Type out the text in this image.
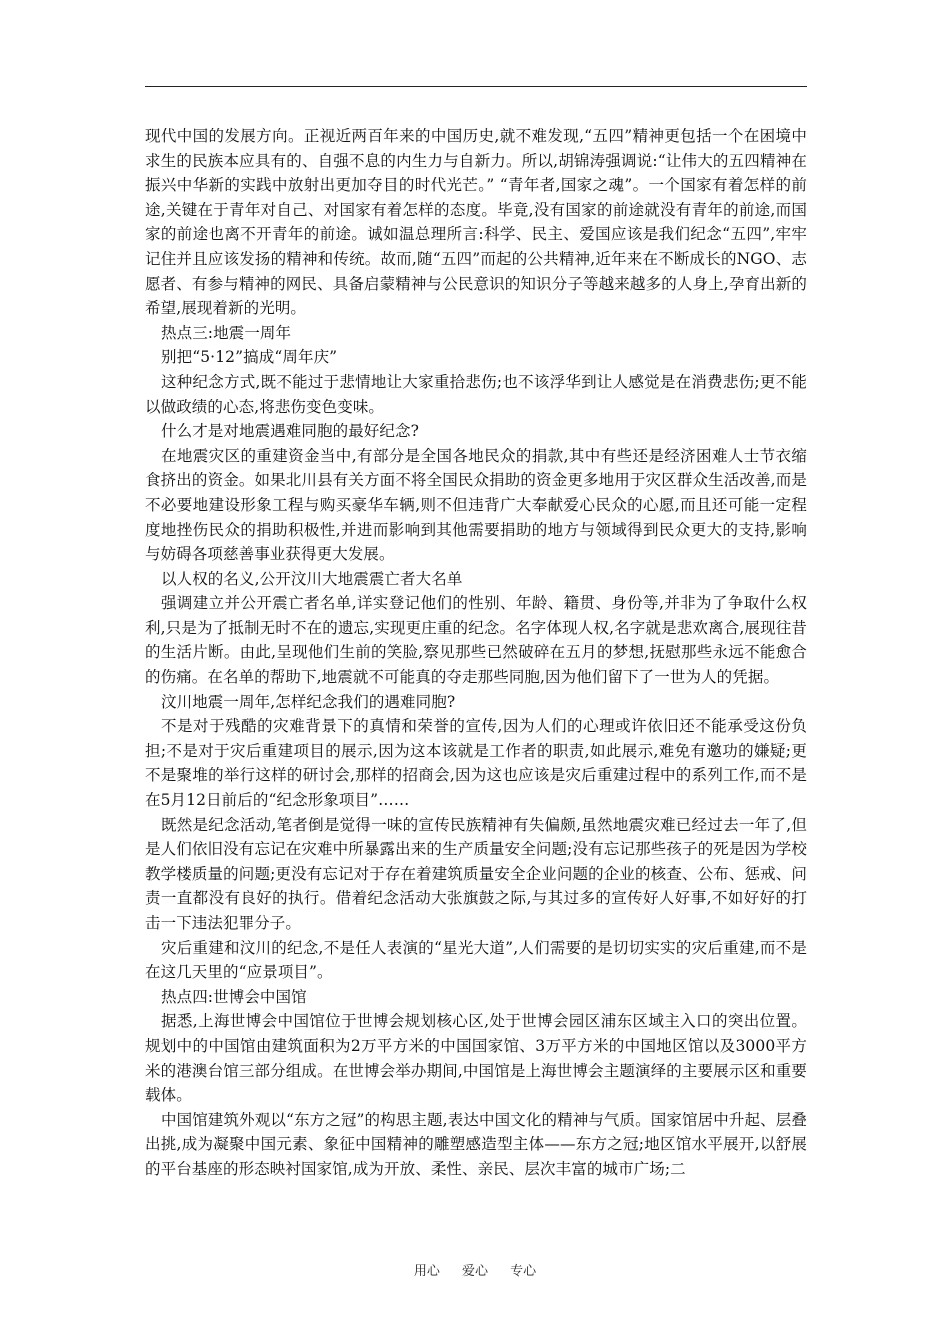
现代中国的发展方向。正视近两百年来的中国历史,就不难发现,“五四”精神更包括一个在困境中求生的民族本应具有的、自强不息的内生力与自新力。所以,胡锦涛强调说:“让伟大的五四精神在振兴中华新的实践中放射出更加夺目的时代光芒。” “青年者,国家之魂”。一个国家有着怎样的前途,关键在于青年对自己、对国家有着怎样的态度。毕竟,没有国家的前途就没有青年的前途,而国家的前途也离不开青年的前途。诚如温总理所言:科学、民主、爱国应该是我们纪念“五四”,牢牢记住并且应该发扬的精神和传统。故而,随“五四”而起的公共精神,近年来在不断成长的NGO、志愿者、有参与精神的网民、具备启蒙精神与公民意识的知识分子等越来越多的人身上,孕育出新的希望,展现着新的光明。

热点三:地震一周年

别把“5·12”搞成“周年庆”

这种纪念方式,既不能过于悲情地让大家重拾悲伤;也不该浮华到让人感觉是在消费悲伤;更不能以做政绩的心态,将悲伤变色变味。

什么才是对地震遇难同胞的最好纪念?

在地震灾区的重建资金当中,有部分是全国各地民众的捐款,其中有些还是经济困难人士节衣缩食挤出的资金。如果北川县有关方面不将全国民众捐助的资金更多地用于灾区群众生活改善,而是不必要地建设形象工程与购买豪华车辆,则不但违背广大奉献爱心民众的心愿,而且还可能一定程度地挫伤民众的捐助积极性,并进而影响到其他需要捐助的地方与领域得到民众更大的支持,影响与妨碍各项慈善事业获得更大发展。

以人权的名义,公开汶川大地震震亡者大名单

强调建立并公开震亡者名单,详实登记他们的性别、年龄、籍贯、身份等,并非为了争取什么权利,只是为了抵制无时不在的遗忘,实现更庄重的纪念。名字体现人权,名字就是悲欢离合,展现往昔的生活片断。由此,呈现他们生前的笑脸,察见那些已然破碎在五月的梦想,抚慰那些永远不能愈合的伤痛。在名单的帮助下,地震就不可能真的夺走那些同胞,因为他们留下了一世为人的凭据。

汶川地震一周年,怎样纪念我们的遇难同胞?

不是对于残酷的灾难背景下的真情和荣誉的宣传,因为人们的心理或许依旧还不能承受这份负担;不是对于灾后重建项目的展示,因为这本该就是工作者的职责,如此展示,难免有邀功的嫌疑;更不是聚堆的举行这样的研讨会,那样的招商会,因为这也应该是灾后重建过程中的系列工作,而不是在5月12日前后的“纪念形象项目”……

既然是纪念活动,笔者倒是觉得一味的宣传民族精神有失偏颇,虽然地震灾难已经过去一年了,但是人们依旧没有忘记在灾难中所暴露出来的生产质量安全问题;没有忘记那些孩子的死是因为学校教学楼质量的问题;更没有忘记对于存在着建筑质量安全企业问题的企业的核查、公布、惩戒、问责一直都没有良好的执行。借着纪念活动大张旗鼓之际,与其过多的宣传好人好事,不如好好的打击一下违法犯罪分子。

灾后重建和汶川的纪念,不是任人表演的“星光大道”,人们需要的是切切实实的灾后重建,而不是在这几天里的“应景项目”。

热点四:世博会中国馆

据悉,上海世博会中国馆位于世博会规划核心区,处于世博会园区浦东区域主入口的突出位置。规划中的中国馆由建筑面积为2万平方米的中国国家馆、3万平方米的中国地区馆以及3000平方米的港澳台馆三部分组成。在世博会举办期间,中国馆是上海世博会主题演绎的主要展示区和重要载体。

中国馆建筑外观以“东方之冠”的构思主题,表达中国文化的精神与气质。国家馆居中升起、层叠出挑,成为凝聚中国元素、象征中国精神的雕塑感造型主体——东方之冠;地区馆水平展开,以舒展的平台基座的形态映衬国家馆,成为开放、柔性、亲民、层次丰富的城市广场;二

用心 爱心 专心
